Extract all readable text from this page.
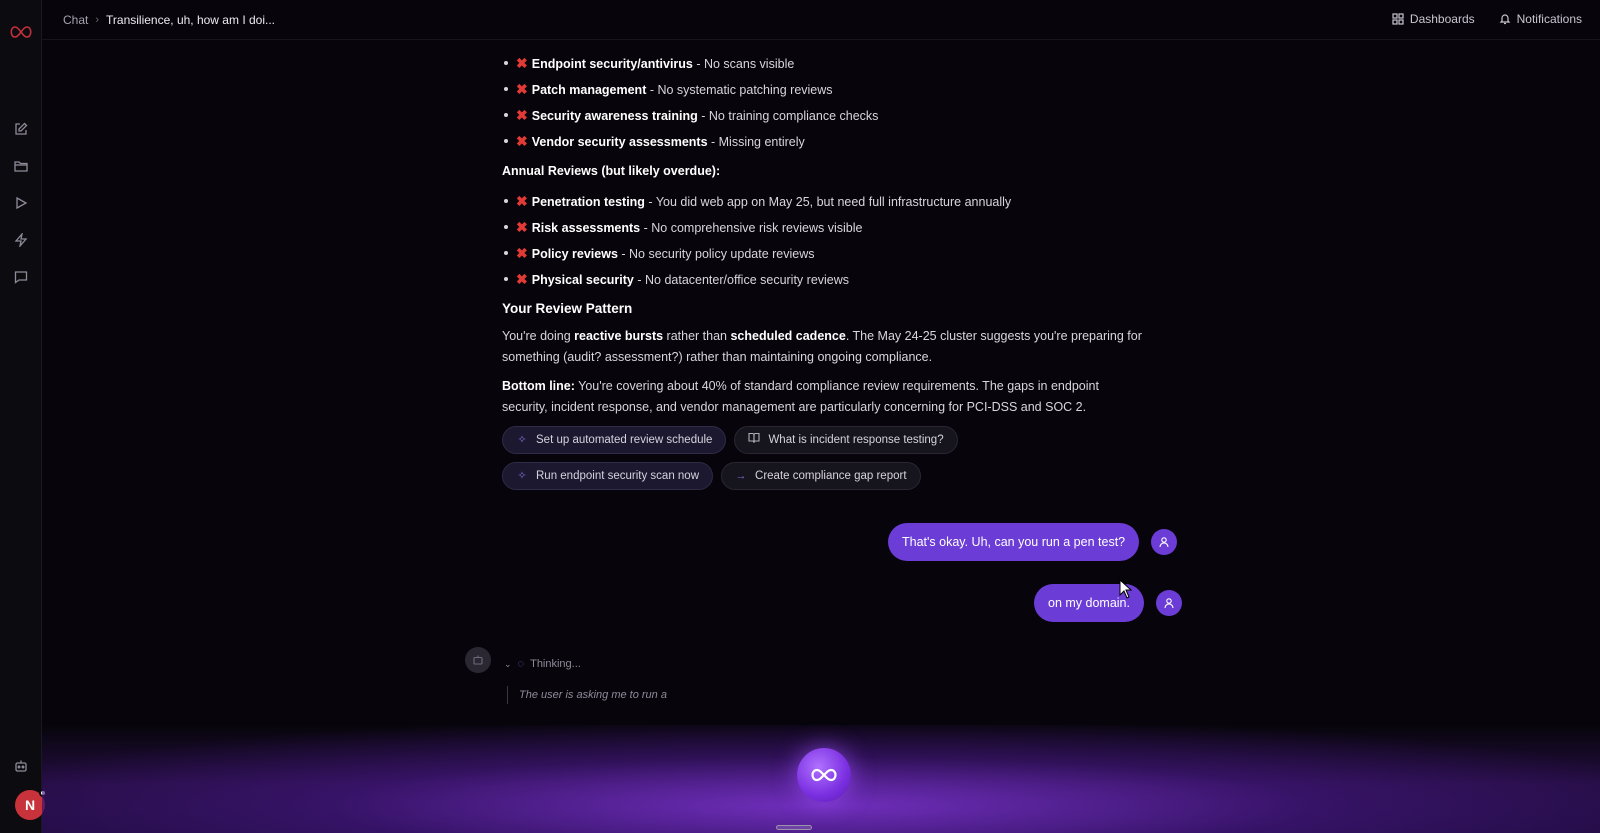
N
Chat › Transilience, uh, how am I doi...	Dashboards	Notifications
✖ Endpoint security/antivirus - No scans visible
✖ Patch management - No systematic patching reviews
✖ Security awareness training - No training compliance checks
✖ Vendor security assessments - Missing entirely
Annual Reviews (but likely overdue):
✖ Penetration testing - You did web app on May 25, but need full infrastructure annually
✖ Risk assessments - No comprehensive risk reviews visible
✖ Policy reviews - No security policy update reviews
✖ Physical security - No datacenter/office security reviews
Your Review Pattern

You're doing reactive bursts rather than scheduled cadence. The May 24-25 cluster suggests you're preparing for something (audit? assessment?) rather than maintaining ongoing compliance.

Bottom line: You're covering about 40% of standard compliance review requirements. The gaps in endpoint security, incident response, and vendor management are particularly concerning for PCI-DSS and SOC 2.

✧ Set up automated review schedule	What is incident response testing?
✧ Run endpoint security scan now	→ Create compliance gap report
That's okay. Uh, can you run a pen test?
on my domain.
⌄ ◌ Thinking...
The user is asking me to run a
